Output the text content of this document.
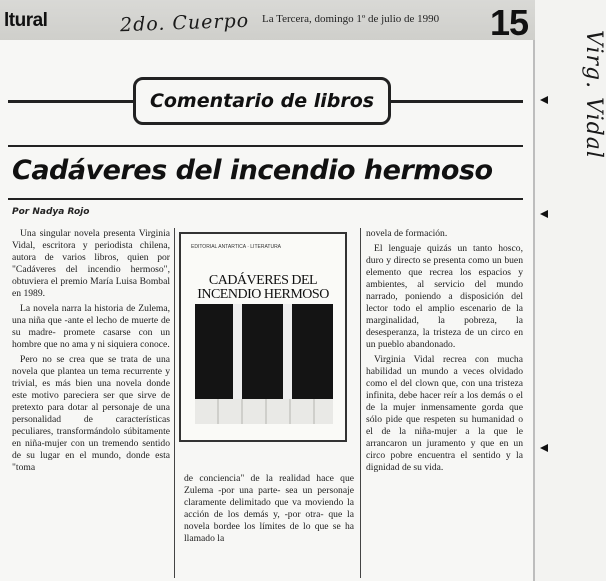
ltural	2do. Cuerpo La Tercera, domingo 1º de julio de 1990 15
Comentario de libros
Cadáveres del incendio hermoso
Por Nadya Rojo

Una singular novela presenta Virginia Vidal, escritora y periodista chilena, autora de varios libros, quien por "Cadáveres del incendio hermoso", obtuviera el premio María Luisa Bombal en 1989.

La novela narra la historia de Zulema, una niña que -ante el lecho de muerte de su madre- promete casarse con un hombre que no ama y ni siquiera conoce.

Pero no se crea que se trata de una novela que plantea un tema recurrente y trivial, es más bien una novela donde este motivo pareciera ser que sirve de pretexto para dotar al personaje de una personalidad de características peculiares, transformándolo súbitamente en niña-mujer con un tremendo sentido de su lugar en el mundo, donde esta "toma

EDITORIAL ANTARTICA · LITERATURA
CADÁVERES DEL
INCENDIO HERMOSO

de conciencia" de la realidad hace que Zulema -por una parte- sea un personaje claramente delimitado que va moviendo la acción de los demás y, -por otra- que la novela bordee los límites de lo que se ha llamado la

novela de formación.

El lenguaje quizás un tanto hosco, duro y directo se presenta como un buen elemento que recrea los espacios y ambientes, al servicio del mundo narrado, poniendo a disposición del lector todo el amplio escenario de la marginalidad, la pobreza, la desesperanza, la tristeza de un circo en un pueblo abandonado.

Virginia Vidal recrea con mucha habilidad un mundo a veces olvidado como el del clown que, con una tristeza infinita, debe hacer reír a los demás o el de la mujer inmensamente gorda que sólo pide que respeten su humanidad o el de la niña-mujer a la que le arrancaron un juramento y que en un circo pobre encuentra el sentido y la dignidad de su vida.

Virg. Vidal
